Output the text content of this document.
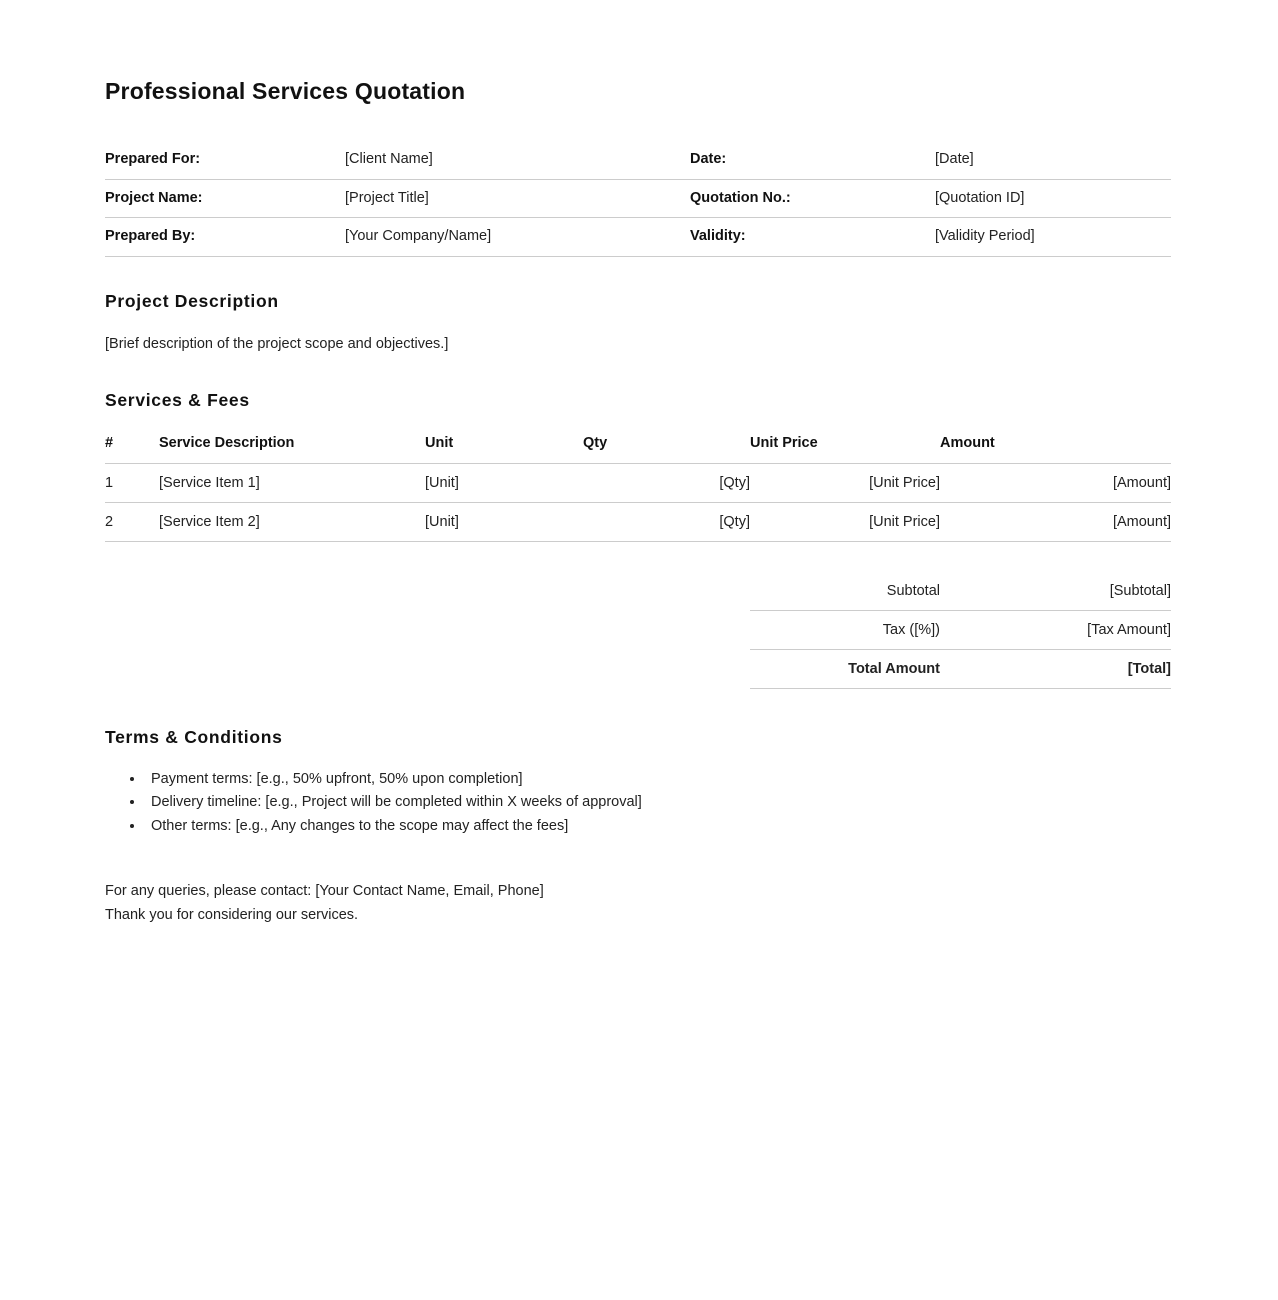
Professional Services Quotation
Prepared For:	[Client Name]	Date:	[Date]
Project Name:	[Project Title]	Quotation No.:	[Quotation ID]
Prepared By:	[Your Company/Name]	Validity:	[Validity Period]
Project Description

[Brief description of the project scope and objectives.]

Services & Fees
#	Service Description	Unit	Qty	Unit Price	Amount
1	[Service Item 1]	[Unit]	[Qty]	[Unit Price]	[Amount]
2	[Service Item 2]	[Unit]	[Qty]	[Unit Price]	[Amount]

				Subtotal	[Subtotal]
				Tax ([%])	[Tax Amount]
				Total Amount	[Total]
Terms & Conditions
• Payment terms: [e.g., 50% upfront, 50% upon completion]
• Delivery timeline: [e.g., Project will be completed within X weeks of approval]
• Other terms: [e.g., Any changes to the scope may affect the fees]
For any queries, please contact: [Your Contact Name, Email, Phone]
Thank you for considering our services.
